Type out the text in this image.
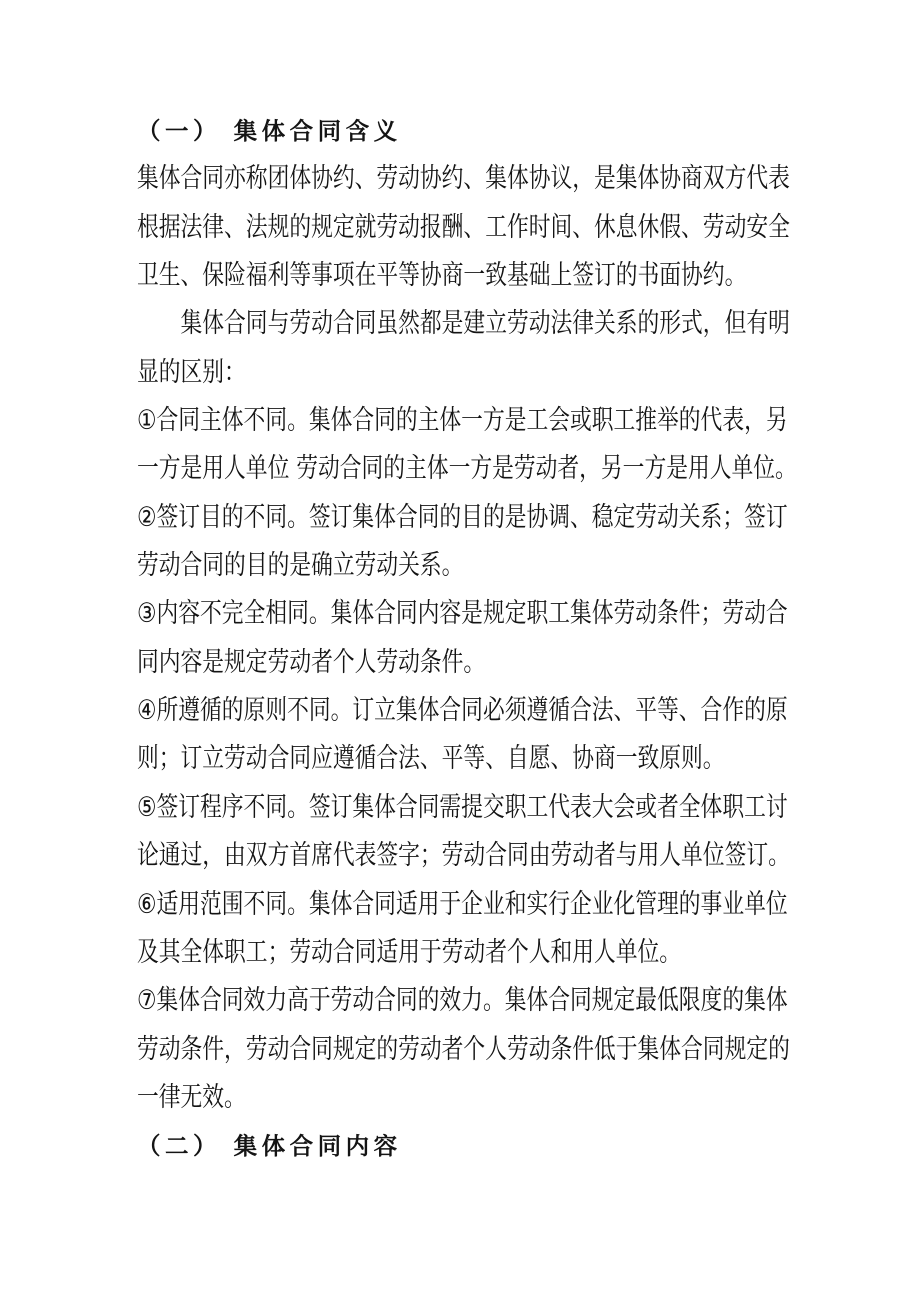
（一） 集体合同含义
集体合同亦称团体协约、劳动协约、集体协议，是集体协商双方代表
根据法律、法规的规定就劳动报酬、工作时间、休息休假、劳动安全
卫生、保险福利等事项在平等协商一致基础上签订的书面协约。
集体合同与劳动合同虽然都是建立劳动法律关系的形式，但有明
显的区别：
①合同主体不同。集体合同的主体一方是工会或职工推举的代表，另
一方是用人单位 劳动合同的主体一方是劳动者，另一方是用人单位。
②签订目的不同。签订集体合同的目的是协调、稳定劳动关系；签订
劳动合同的目的是确立劳动关系。
③内容不完全相同。集体合同内容是规定职工集体劳动条件；劳动合
同内容是规定劳动者个人劳动条件。
④所遵循的原则不同。订立集体合同必须遵循合法、平等、合作的原
则；订立劳动合同应遵循合法、平等、自愿、协商一致原则。
⑤签订程序不同。签订集体合同需提交职工代表大会或者全体职工讨
论通过，由双方首席代表签字；劳动合同由劳动者与用人单位签订。
⑥适用范围不同。集体合同适用于企业和实行企业化管理的事业单位
及其全体职工；劳动合同适用于劳动者个人和用人单位。
⑦集体合同效力高于劳动合同的效力。集体合同规定最低限度的集体
劳动条件，劳动合同规定的劳动者个人劳动条件低于集体合同规定的
一律无效。
（二） 集体合同内容
